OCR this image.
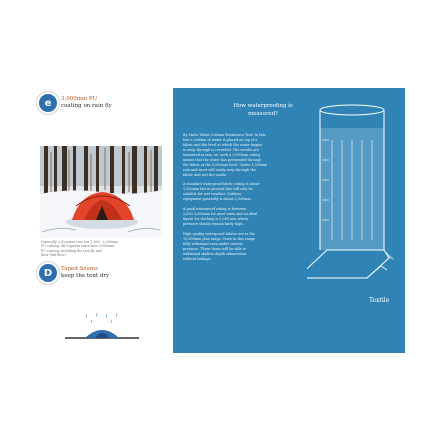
e	3,000mm PU
coating on rain fly
Generally, a 4-season tent has 1,500 - 2,000mm
PU coating. All Gigatent tents have 3,000mm
PU coating, including the rain fly and
floor (tub floor)
D	Taped Seams
keep the tent dry
How waterproofing is
measured?
By Static Water Column Resistance Test! In this
test a column of water is placed on top of a
fabric and the level at which the water begins
to seep through is recorded. The results are
measured in mm, so, such a 3,000mm rating
means that the water has permeated through
the fabric at the 3,000mm level. Under 1,500mm
rain and snow will easily seep through the
fabric and wet the inside.
A standard waterproof fabric rating is about
1,500mm but in general this will only be
suitable for wet weather. Outdoor
equipment generally is about 2,000mm.
A good waterproof rating is between
2,000-3,000mm for most tents and an ideal
figure for clothing is 5,000 mm where
pressure should remain fairly high.
High quality waterproof fabrics are in the
10,000mm plus range. Tents in this range
fully withstand even under serious
pressure. These items will be able to
withstand shallow depth submersion
without leakage.
Textile
